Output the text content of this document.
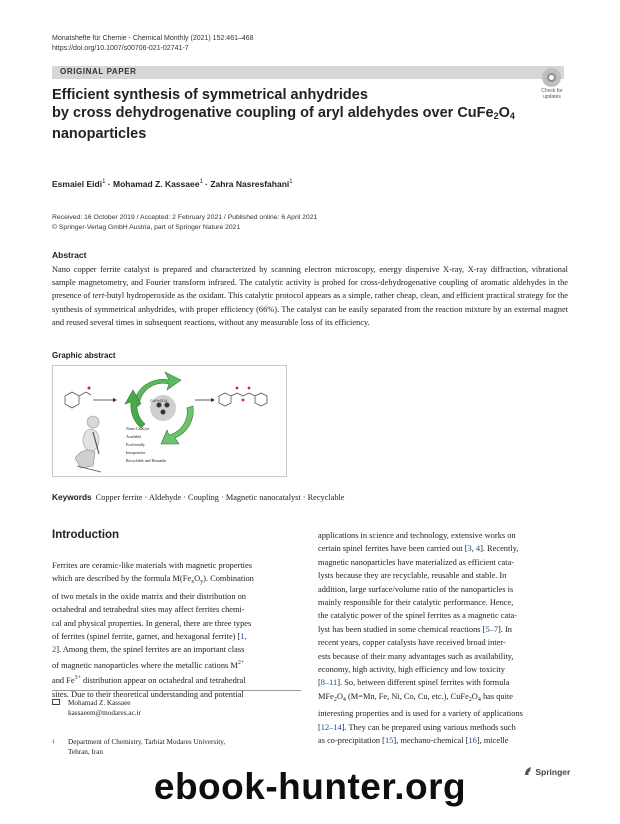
Monatshefte für Chemie - Chemical Monthly (2021) 152:461–468
https://doi.org/10.1007/s00706-021-02741-7
ORIGINAL PAPER
Check for
updates
Efficient synthesis of symmetrical anhydrides
by cross dehydrogenative coupling of aryl aldehydes over $CuFe_2O_4$
nanoparticles
Esmaiel Eidi$^1$ · Mohamad Z. Kassaee$^1$ · Zahra Nasresfahani$^1$
Received: 16 October 2019 / Accepted: 2 February 2021 / Published online: 6 April 2021
© Springer-Verlag GmbH Austria, part of Springer Nature 2021
Abstract
Nano copper ferrite catalyst is prepared and characterized by scanning electron microscopy, energy dispersive X-ray, X-ray diffraction, vibrational sample magnetometry, and Fourier transform infrared. The catalytic activity is probed for cross-dehydrogenative coupling of aromatic aldehydes in the presence of tert-butyl hydroperoxide as the oxidant. This catalytic protocol appears as a simple, rather cheap, clean, and efficient practical strategy for the synthesis of symmetrical anhydrides, with proper efficiency (66%). The catalyst can be easily separated from the reaction mixture by an external magnet and reused several times in subsequent reactions, without any measurable loss of its efficiency.
Graphic abstract
CuFe2O4
Nano-Catalyst
Available
Ecofriendly
Inexpensive
Recyclable and Reusable
Keywords Copper ferrite · Aldehyde · Coupling · Magnetic nanocatalyst · Recyclable
Introduction

Ferrites are ceramic-like materials with magnetic properties

which are described by the formula $M(Fe_xO_y)$. Combination

of two metals in the oxide matrix and their distribution on

octahedral and tetrahedral sites may affect ferrites chemi-

cal and physical properties. In general, there are three types

of ferrites (spinel ferrite, garnet, and hexagonal ferrite) [1,

2]. Among them, the spinel ferrites are an important class

of magnetic nanoparticles where the metallic cations $M^{2+}$

and $Fe^{3+}$ distribution appear on octahedral and tetrahedral

sites. Due to their theoretical understanding and potential

applications in science and technology, extensive works on

certain spinel ferrites have been carried out [3, 4]. Recently,

magnetic nanoparticles have materialized as efficient cata-

lysts because they are recyclable, reusable and stable. In

addition, large surface/volume ratio of the nanoparticles is

mainly responsible for their catalytic performance. Hence,

the catalytic power of the spinel ferrites as a magnetic cata-

lyst has been studied in some chemical reactions [5–7]. In

recent years, copper catalysts have received broad inter-

ests because of their many advantages such as availability,

economy, high activity, high efficiency and low toxicity

[8–11]. So, between different spinel ferrites with formula

$MFe_2O_4$ (M=Mn, Fe, Ni, Co, Cu, etc.), $CuFe_2O_4$ has quite

interesting properties and is used for a variety of applications

[12–14]. They can be prepared using various methods such

as co-precipitation [15], mechano-chemical [16], micelle

Mohamad Z. Kassaee
kassaeem@modares.ac.ir
1 Department of Chemistry, Tarbiat Modares University,
Tehran, Iran
Springer
ebook-hunter.org
